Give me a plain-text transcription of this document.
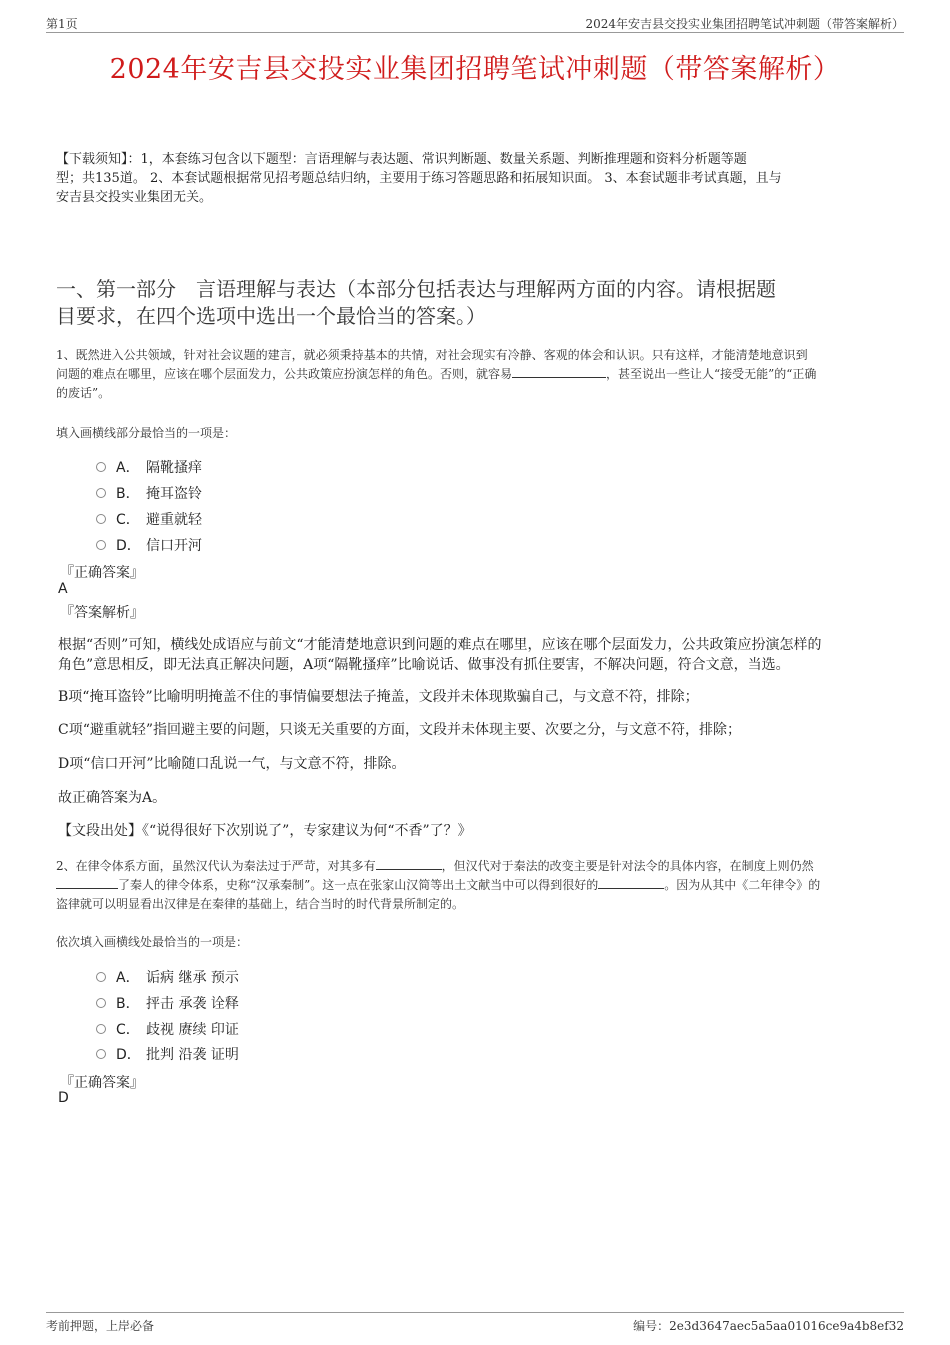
第1页	2024年安吉县交投实业集团招聘笔试冲刺题（带答案解析）
2024年安吉县交投实业集团招聘笔试冲刺题（带答案解析）
【下载须知】：1，本套练习包含以下题型：言语理解与表达题、常识判断题、数量关系题、判断推理题和资料分析题等题
型；共135道。 2、本套试题根据常见招考题总结归纳，主要用于练习答题思路和拓展知识面。 3、本套试题非考试真题，且与
安吉县交投实业集团无关。
一、第一部分　言语理解与表达（本部分包括表达与理解两方面的内容。请根据题
目要求，在四个选项中选出一个最恰当的答案。）
1、既然进入公共领域，针对社会议题的建言，就必须秉持基本的共情，对社会现实有冷静、客观的体会和认识。只有这样，才能清楚地意识到
问题的难点在哪里，应该在哪个层面发力，公共政策应扮演怎样的角色。否则，就容易	，甚至说出一些让人“接受无能”的“正确
的废话”。
填入画横线部分最恰当的一项是：
A． 隔靴搔痒
B． 掩耳盗铃
C． 避重就轻
D． 信口开河
『正确答案』
A
『答案解析』
根据“否则”可知，横线处成语应与前文“才能清楚地意识到问题的难点在哪里，应该在哪个层面发力，公共政策应扮演怎样的
角色”意思相反，即无法真正解决问题，A项“隔靴搔痒”比喻说话、做事没有抓住要害，不解决问题，符合文意，当选。
B项“掩耳盗铃”比喻明明掩盖不住的事情偏要想法子掩盖，文段并未体现欺骗自己，与文意不符，排除；
C项“避重就轻”指回避主要的问题，只谈无关重要的方面，文段并未体现主要、次要之分，与文意不符，排除；
D项“信口开河”比喻随口乱说一气，与文意不符，排除。
故正确答案为A。
【文段出处】《“说得很好下次别说了”，专家建议为何“不香”了？》
2、在律令体系方面，虽然汉代认为秦法过于严苛，对其多有	，但汉代对于秦法的改变主要是针对法令的具体内容，在制度上则仍然
了秦人的律令体系，史称“汉承秦制”。这一点在张家山汉简等出土文献当中可以得到很好的	。因为从其中《二年律令》的
盗律就可以明显看出汉律是在秦律的基础上，结合当时的时代背景所制定的。
依次填入画横线处最恰当的一项是：
A． 诟病 继承 预示
B． 抨击 承袭 诠释
C． 歧视 赓续 印证
D． 批判 沿袭 证明
『正确答案』
D
考前押题，上岸必备	编号：2e3d3647aec5a5aa01016ce9a4b8ef32
